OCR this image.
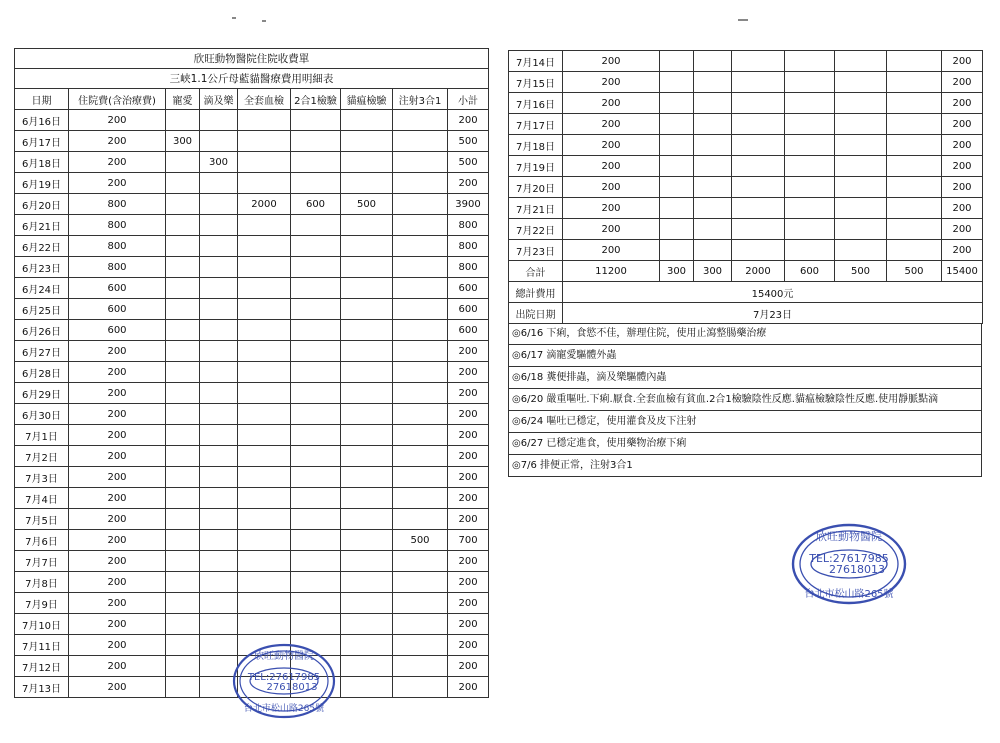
欣旺動物醫院住院收費單								
三峡1.1公斤母藍貓醫療費用明細表								
日期	住院費(含治療費)	寵愛	滴及樂	全套血檢	2合1檢驗	貓瘟檢驗	注射3合1	小計
6月16日	200							200
6月17日	200	300						500
6月18日	200		300					500
6月19日	200							200
6月20日	800			2000	600	500		3900
6月21日	800							800
6月22日	800							800
6月23日	800							800
6月24日	600							600
6月25日	600							600
6月26日	600							600
6月27日	200							200
6月28日	200							200
6月29日	200							200
6月30日	200							200
7月1日	200							200
7月2日	200							200
7月3日	200							200
7月4日	200							200
7月5日	200							200
7月6日	200						500	700
7月7日	200							200
7月8日	200							200
7月9日	200							200
7月10日	200							200
7月11日	200							200
7月12日	200							200
7月13日	200							200
7月14日	200							200
7月15日	200							200
7月16日	200							200
7月17日	200							200
7月18日	200							200
7月19日	200							200
7月20日	200							200
7月21日	200							200
7月22日	200							200
7月23日	200							200
合計	11200	300	300	2000	600	500	500	15400
總計費用	15400元							
出院日期	7月23日							
◎6/16 下痢，食慾不佳，辦理住院，使用止瀉整腸藥治療
◎6/17 滴寵愛驅體外蟲
◎6/18 糞便排蟲，滴及樂驅體內蟲
◎6/20 嚴重嘔吐.下痢.厭食.全套血檢有貧血.2合1檢驗陰性反應.貓瘟檢驗陰性反應.使用靜脈點滴
◎6/24 嘔吐已穩定，使用灌食及皮下注射
◎6/27 已穩定進食，使用藥物治療下痢
◎7/6 排便正常，注射3合1
欣旺動物醫院
TEL:27617985
27618013
台北市松山路265號
欣旺動物醫院
TEL:27617985
27618013
台北市松山路265號
